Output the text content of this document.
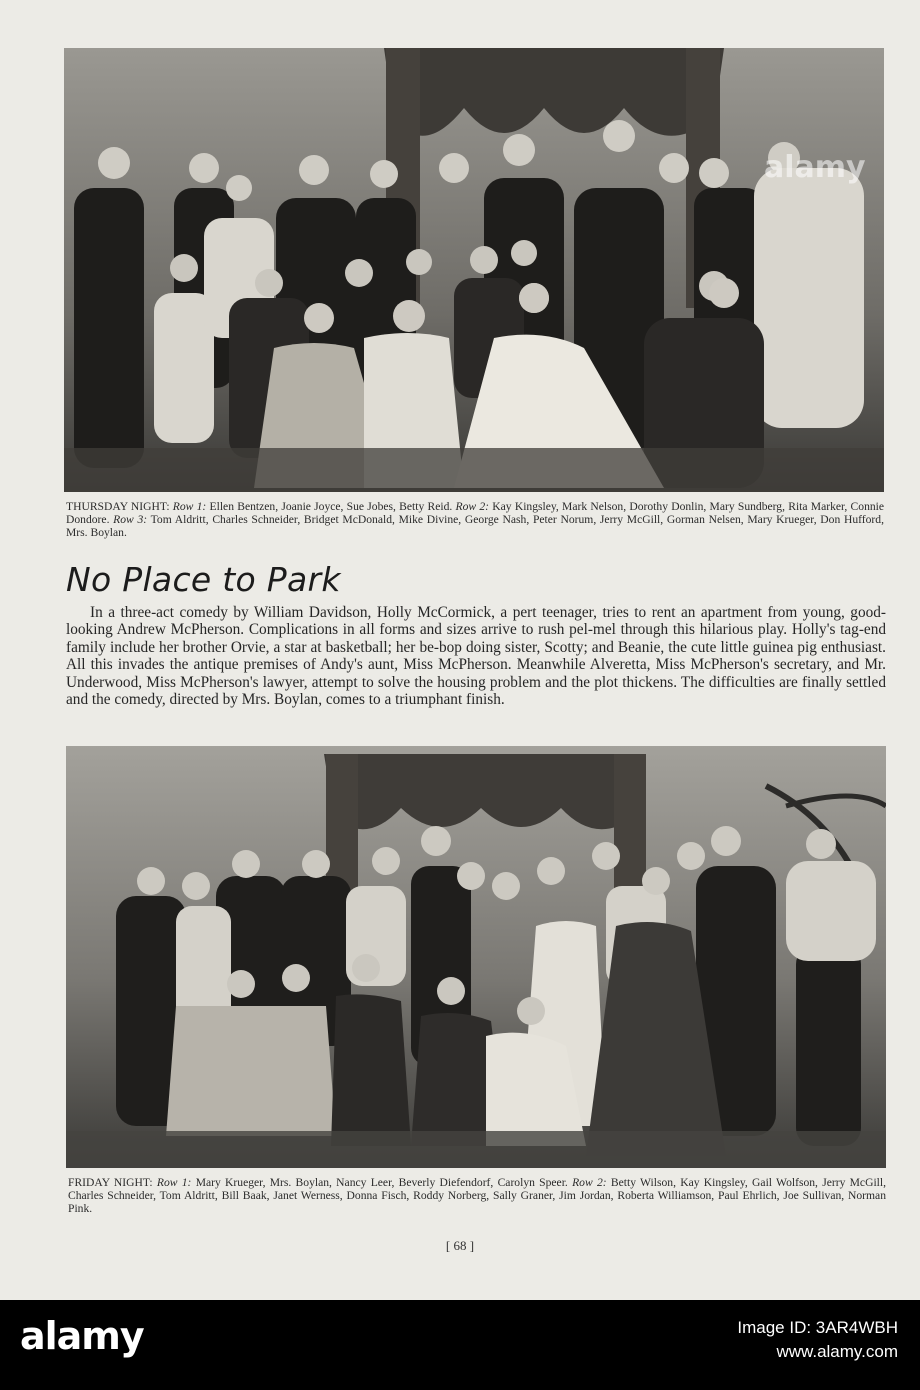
alamy

THURSDAY NIGHT: Row 1: Ellen Bentzen, Joanie Joyce, Sue Jobes, Betty Reid. Row 2: Kay Kingsley, Mark Nelson, Dorothy Donlin, Mary Sundberg, Rita Marker, Connie Dondore. Row 3: Tom Aldritt, Charles Schneider, Bridget McDonald, Mike Divine, George Nash, Peter Norum, Jerry McGill, Gorman Nelsen, Mary Krueger, Don Hufford, Mrs. Boylan.

No Place to Park

In a three-act comedy by William Davidson, Holly McCormick, a pert teenager, tries to rent an apartment from young, good-looking Andrew McPherson. Complications in all forms and sizes arrive to rush pel-mel through this hilarious play. Holly's tag-end family include her brother Orvie, a star at basketball; her be-bop doing sister, Scotty; and Beanie, the cute little guinea pig enthusiast. All this invades the antique premises of Andy's aunt, Miss McPherson. Meanwhile Alveretta, Miss McPherson's secretary, and Mr. Underwood, Miss McPherson's lawyer, attempt to solve the housing problem and the plot thickens. The difficulties are finally settled and the comedy, directed by Mrs. Boylan, comes to a triumphant finish.

FRIDAY NIGHT: Row 1: Mary Krueger, Mrs. Boylan, Nancy Leer, Beverly Diefendorf, Carolyn Speer. Row 2: Betty Wilson, Kay Kingsley, Gail Wolfson, Jerry McGill, Charles Schneider, Tom Aldritt, Bill Baak, Janet Werness, Donna Fisch, Roddy Norberg, Sally Graner, Jim Jordan, Roberta Williamson, Paul Ehrlich, Joe Sullivan, Norman Pink.

[ 68 ]
alamy	Image ID: 3AR4WBH
www.alamy.com
